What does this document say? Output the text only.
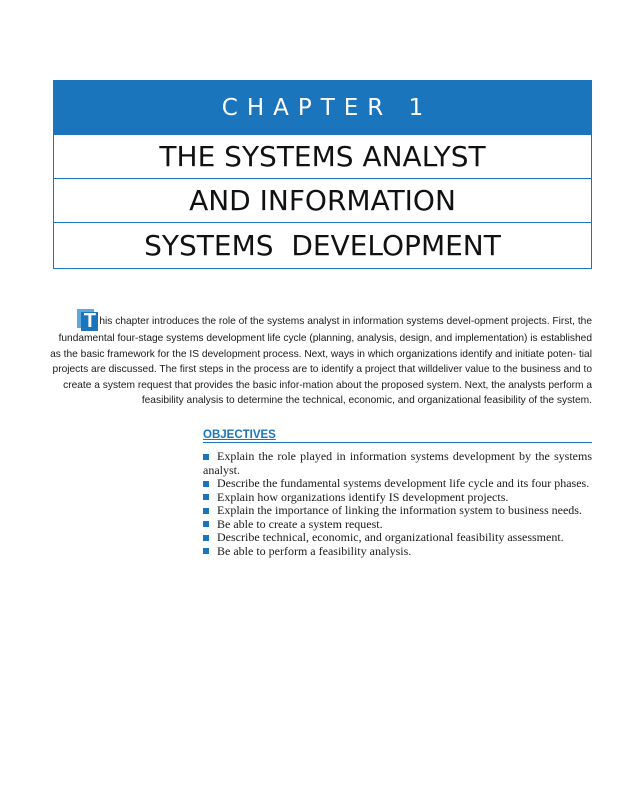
CHAPTER 1
THE SYSTEMS ANALYST
AND INFORMATION
SYSTEMS  DEVELOPMENT

T his chapter introduces the role of the systems analyst in information systems devel-opment projects. First, the fundamental four-stage systems development life cycle (planning, analysis, design, and implementation) is established as the basic framework for the IS development process. Next, ways in which organizations identify and initiate poten- tial projects are discussed. The first steps in the process are to identify a project that willdeliver value to the business and to create a system request that provides the basic infor-mation about the proposed system. Next, the analysts perform a feasibility analysis to determine the technical, economic, and organizational feasibility of the system.

OBJECTIVES
Explain the role played in information systems development by the systems analyst.
Describe the fundamental systems development life cycle and its four phases.
Explain how organizations identify IS development projects.
Explain the importance of linking the information system to business needs.
Be able to create a system request.
Describe technical, economic, and organizational feasibility assessment.
Be able to perform a feasibility analysis.
